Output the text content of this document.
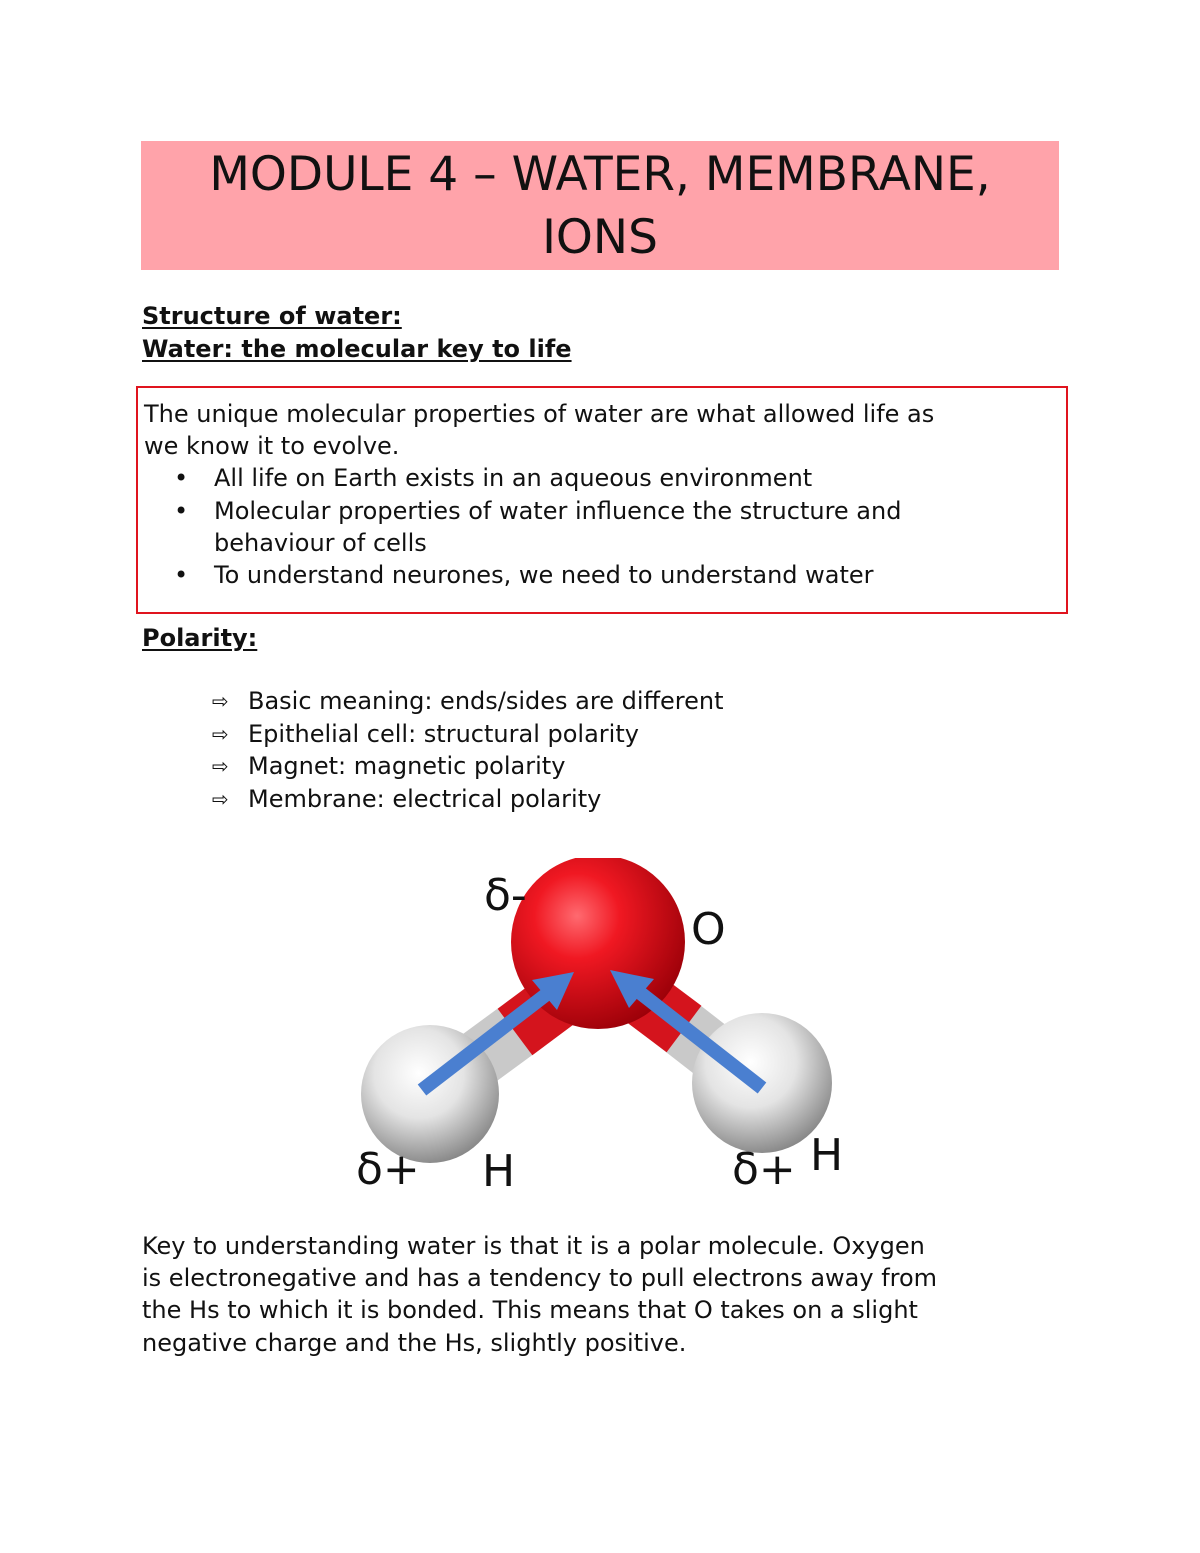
MODULE 4 – WATER, MEMBRANE,
IONS
Structure of water:
Water: the molecular key to life
The unique molecular properties of water are what allowed life as
we know it to evolve.
• All life on Earth exists in an aqueous environment
• Molecular properties of water influence the structure and
behaviour of cells
• To understand neurones, we need to understand water
Polarity:
⇨ Basic meaning: ends/sides are different
⇨ Epithelial cell: structural polarity
⇨ Magnet: magnetic polarity
⇨ Membrane: electrical polarity
δ-
O
δ+ H	δ+ H
Key to understanding water is that it is a polar molecule. Oxygen
is electronegative and has a tendency to pull electrons away from
the Hs to which it is bonded. This means that O takes on a slight
negative charge and the Hs, slightly positive.
